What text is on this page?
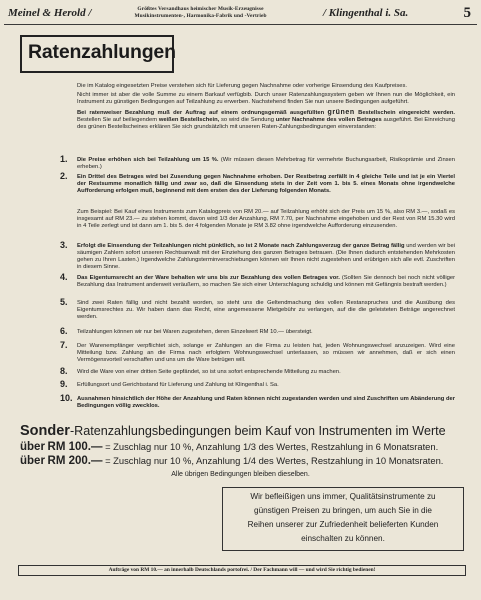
Meinel & Herold /	Größtes Versandhaus heimischer Musik-Erzeugnisse
Musikinstrumenten-, Harmonika-Fabrik und -Vertrieb	/ Klingenthal i. Sa.	5
Ratenzahlungen

Die im Katalog eingesetzten Preise verstehen sich für Lieferung gegen Nachnahme oder vorherige Einsendung des Kaufpreises.

Nicht immer ist aber die volle Summe zu einem Barkauf verfügbib. Durch unser Ratenzahlungssystem geben wir Ihnen nun die Möglichkeit, ein Instrument zu günstigen Bedingungen auf Teilzahlung zu erwerben. Nachstehend finden Sie nun unsere Bedingungen aufgeführt.

Bei ratenweiser Bezahlung muß der Auftrag auf einem ordnungsgemäß ausgefüllten grünen Bestellschein eingereicht werden. Bestellen Sie auf beiliegendem weißen Bestellschein, so wird die Sendung unter Nachnahme des vollen Betrages ausgeführt. Bei Einreichung des grünen Bestellscheines erklären Sie sich grundsätzlich mit unseren Raten-Zahlungsbedingungen einverstanden:

1. Die Preise erhöhen sich bei Teilzahlung um 15 %. (Wir müssen diesen Mehrbetrag für vermehrte Buchungsarbeit, Risikoprämie und Zinsen erheben.)
2. Ein Drittel des Betrages wird bei Zusendung gegen Nachnahme erhoben. Der Restbetrag zerfällt in 4 gleiche Teile und ist je ein Viertel der Restsumme monatlich fällig und zwar so, daß die Einsendung stets in der Zeit vom 1. bis 5. eines Monats ohne irgendwelche Aufforderung erfolgen muß, beginnend mit dem ersten des der Lieferung folgenden Monats.
Zum Beispiel: Bei Kauf eines Instruments zum Katalogpreis von RM 20.— auf Teilzahlung erhöht sich der Preis um 15 %, also RM 3.—, sodaß es insgesamt auf RM 23.— zu stehen kommt, davon wird 1/3 der Anzahlung, RM 7.70, per Nachnahme eingehoben und der Rest von RM 15.30 wird in 4 Teile zerlegt und ist dann am 1. bis 5. der 4 folgenden Monate je RM 3.82 ohne irgendwelche Aufforderung einzusenden.
3. Erfolgt die Einsendung der Teilzahlungen nicht pünktlich, so ist 2 Monate nach Zahlungsverzug der ganze Betrag fällig und werden wir bei säumigen Zahlern sofort unseren Rechtsanwalt mit der Einziehung des ganzen Betrages betrauen. (Die Ihnen dadurch entstehenden Mehrkosten gehen zu Ihren Lasten.) Irgendwelche Zahlungsterminverschiebungen können wir Ihnen nicht zugestehen und erübrigen sich alle evtl. Zuschriften in diesem Sinne.
4. Das Eigentumsrecht an der Ware behalten wir uns bis zur Bezahlung des vollen Betrages vor. (Sollten Sie dennoch bei noch nicht völliger Bezahlung das Instrument anderweit veräußern, so machen Sie sich einer Unterschlagung schuldig und können mit Gefängnis bestraft werden.)
5. Sind zwei Raten fällig und nicht bezahlt worden, so steht uns die Geltendmachung des vollen Restanspruches und die Ausübung des Eigentumsrechtes zu. Wir haben dann das Recht, eine angemessene Mietgebühr zu verlangen, auf die die geleisteten Beträge angerechnet werden.
6. Teilzahlungen können wir nur bei Waren zugestehen, deren Einzelwert RM 10.— übersteigt.
7. Der Warenempfänger verpflichtet sich, solange er Zahlungen an die Firma zu leisten hat, jeden Wohnungswechsel anzuzeigen. Wird eine Mitteilung bzw. Zahlung an die Firma nach erfolgtem Wohnungswechsel unterlassen, so müssen wir annehmen, daß er sich einen Vermögensvorteil verschaffen und uns um die Ware betrügen will.
8. Wird die Ware von einer dritten Seite gepfändet, so ist uns sofort entsprechende Mitteilung zu machen.
9. Erfüllungsort und Gerichtsstand für Lieferung und Zahlung ist Klingenthal i. Sa.
10. Ausnahmen hinsichtlich der Höhe der Anzahlung und Raten können nicht zugestanden werden und sind Zuschriften um Abänderung der Bedingungen völlig zwecklos.
Sonder-Ratenzahlungsbedingungen beim Kauf von Instrumenten im Werte
über RM 100.— = Zuschlag nur 10 %, Anzahlung 1/3 des Wertes, Restzahlung in 6 Monatsraten.
über RM 200.— = Zuschlag nur 10 %, Anzahlung 1/4 des Wertes, Restzahlung in 10 Monatsraten.
Alle übrigen Bedingungen bleiben dieselben.
Wir befleißigen uns immer, Qualitätsinstrumente zu
günstigen Preisen zu bringen, um auch Sie in die
Reihen unserer zur Zufriedenheit belieferten Kunden
einschalten zu können.
Aufträge von RM 10.— an innerhalb Deutschlands portofrei. / Der Fachmann will — und wird Sie richtig bedienen!
